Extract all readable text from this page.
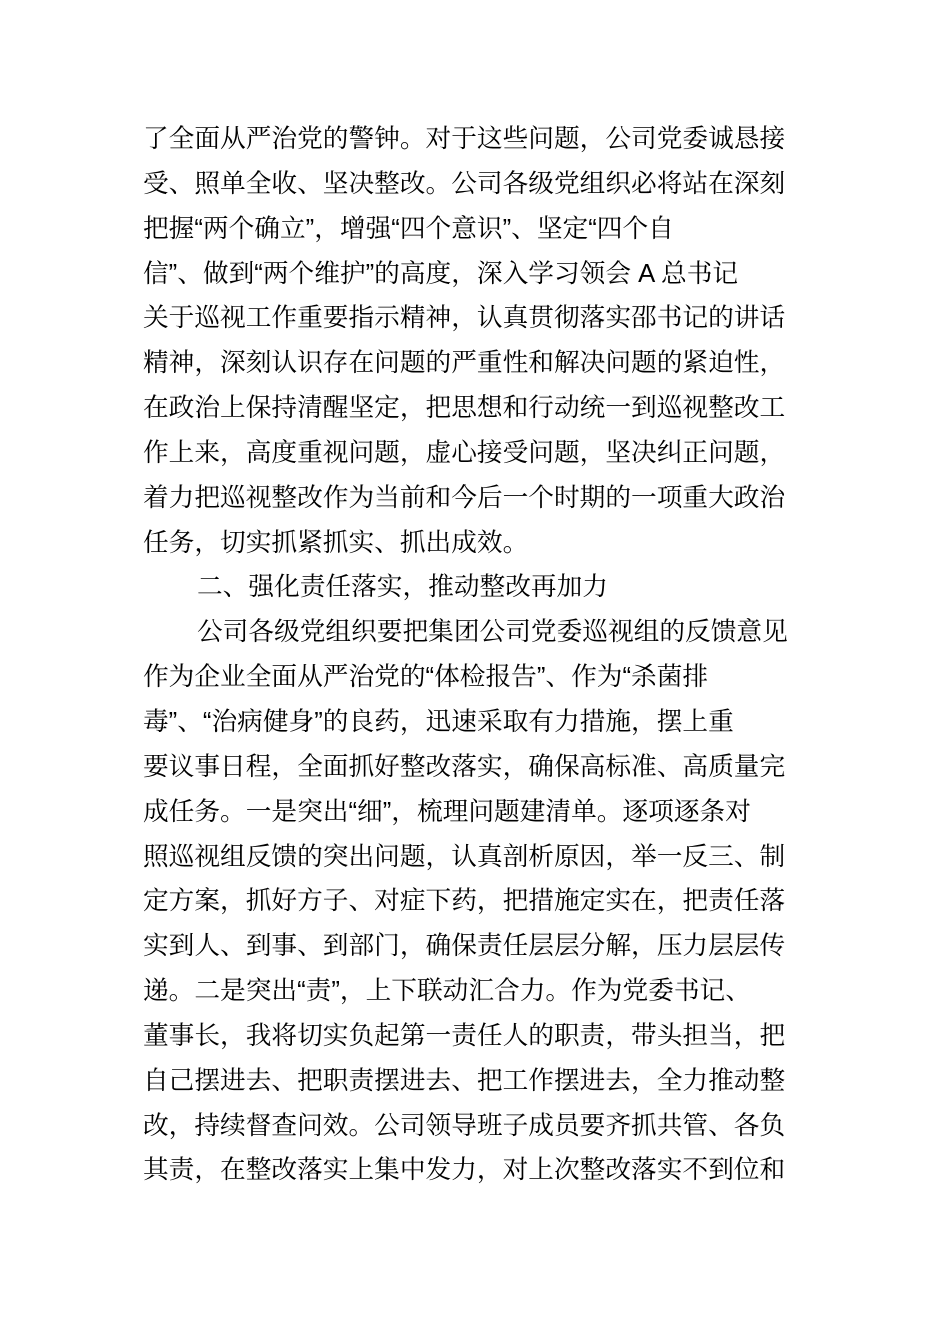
了全面从严治党的警钟。对于这些问题，公司党委诚恳接
受、照单全收、坚决整改。公司各级党组织必将站在深刻
把握“两个确立”，增强“四个意识”、坚定“四个自
信”、做到“两个维护”的高度，深入学习领会 A 总书记
关于巡视工作重要指示精神，认真贯彻落实邵书记的讲话
精神，深刻认识存在问题的严重性和解决问题的紧迫性，
在政治上保持清醒坚定，把思想和行动统一到巡视整改工
作上来，高度重视问题，虚心接受问题，坚决纠正问题，
着力把巡视整改作为当前和今后一个时期的一项重大政治
任务，切实抓紧抓实、抓出成效。
二、强化责任落实，推动整改再加力
公司各级党组织要把集团公司党委巡视组的反馈意见
作为企业全面从严治党的“体检报告”、作为“杀菌排
毒”、“治病健身”的良药，迅速采取有力措施，摆上重
要议事日程，全面抓好整改落实，确保高标准、高质量完
成任务。一是突出“细”，梳理问题建清单。逐项逐条对
照巡视组反馈的突出问题，认真剖析原因，举一反三、制
定方案，抓好方子、对症下药，把措施定实在，把责任落
实到人、到事、到部门，确保责任层层分解，压力层层传
递。二是突出“责”，上下联动汇合力。作为党委书记、
董事长，我将切实负起第一责任人的职责，带头担当，把
自己摆进去、把职责摆进去、把工作摆进去，全力推动整
改，持续督查问效。公司领导班子成员要齐抓共管、各负
其责，在整改落实上集中发力，对上次整改落实不到位和
